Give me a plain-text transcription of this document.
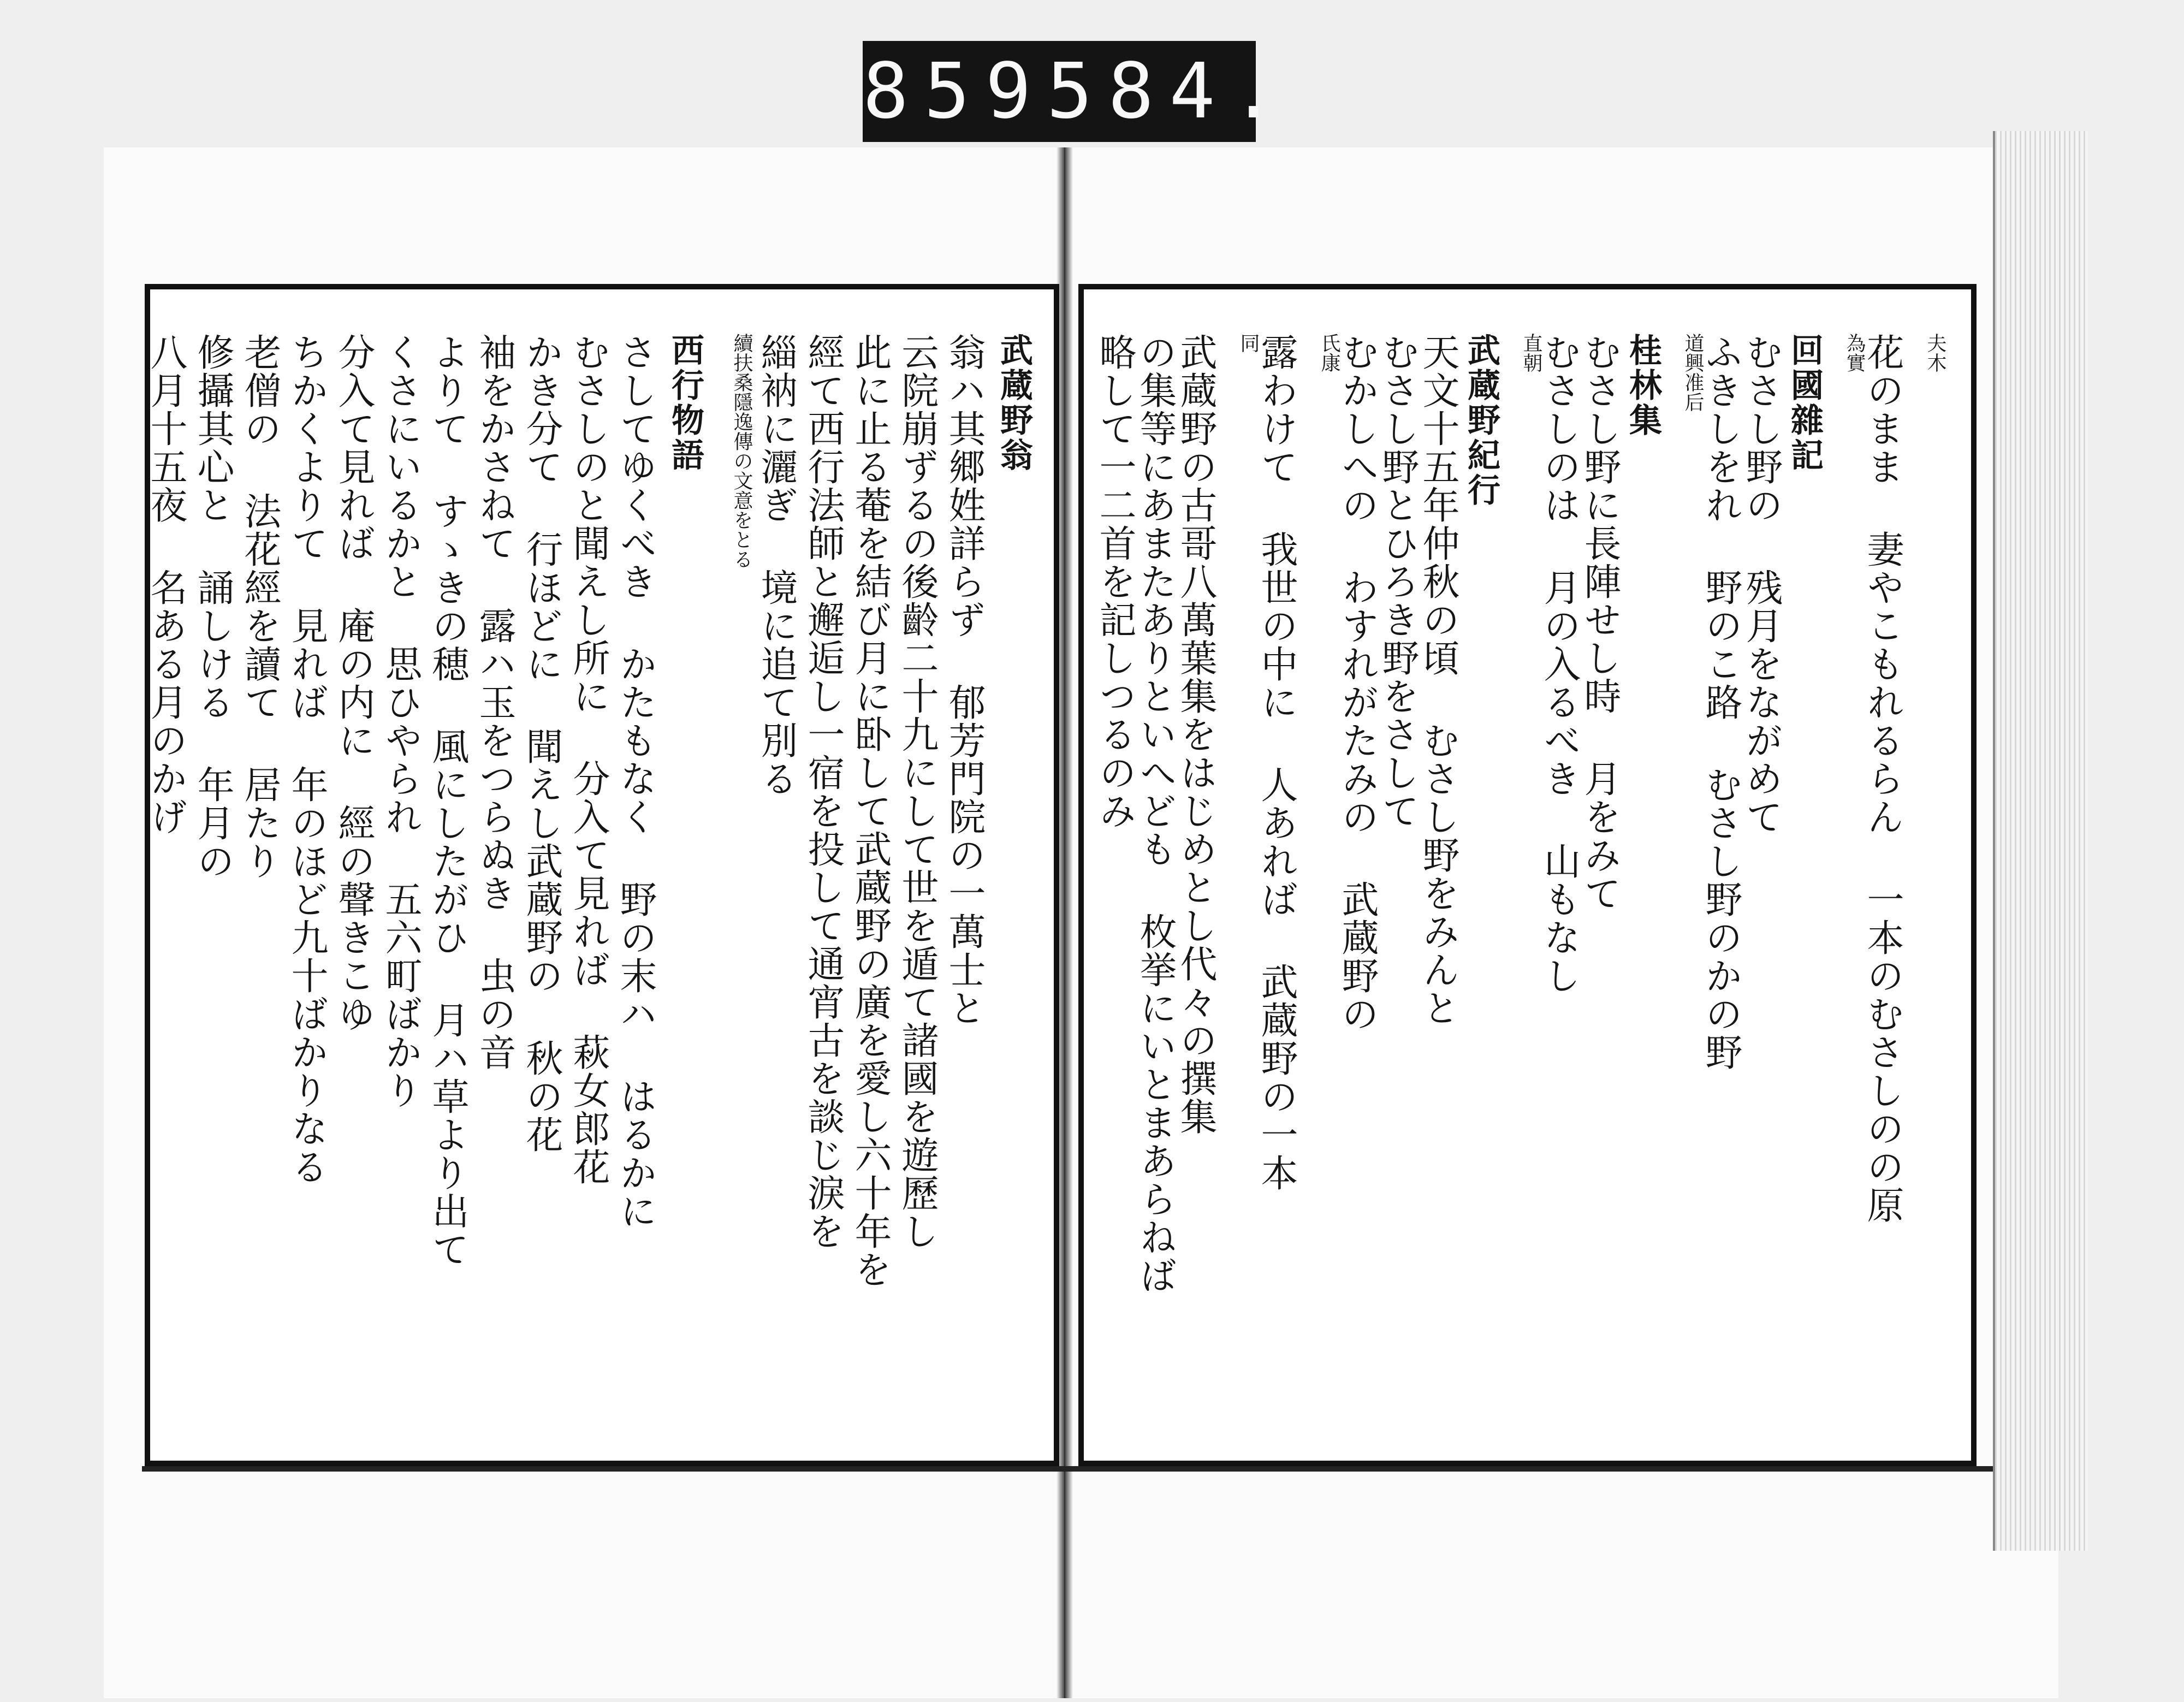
859 584.
武蔵野翁
翁ハ其郷姓詳らず 郁芳門院の一萬士と
云院崩ずるの後齡二十九にして世を遁て諸國を遊歷し
此に止る菴を結び月に卧して武蔵野の廣を愛し六十年を
經て西行法師と邂逅し一宿を投して通宵古を談じ淚を
緇衲に灑ぎ 境に追て別る
續扶桑隱逸傳の文意をとる
西行物語
さしてゆくべき かたもなく 野の末ハ はるかに
むさしのと聞えし所に 分入て見れば 萩女郎花
かき分て 行ほどに 聞えし武蔵野の 秋の花
袖をかさねて 露ハ玉をつらぬき 虫の音
よりて すゝきの穂 風にしたがひ 月ハ草より出て
くさにいるかと 思ひやられ 五六町ばかり
分入て見れば 庵の内に 經の聲きこゆ
ちかくよりて 見れば 年のほど九十ばかりなる
老僧の 法花經を讀て 居たり
修攝其心と 誦しける 年月の
八月十五夜 名ある月のかげ	夫木
花のまま 妻やこもれるらん 一本のむさしのの原
為實
回國雜記
むさし野の 残月をながめて
ふきしをれ 野のこ路 むさし野のかの野
道興准后
桂林集
むさし野に長陣せし時 月をみて
むさしのは 月の入るべき 山もなし
直朝
武蔵野紀行
天文十五年仲秋の頃 むさし野をみんと
むさし野とひろき野をさして
むかしへの わすれがたみの 武蔵野の
氏康
露わけて 我世の中に 人あれば 武蔵野の一本
同
武蔵野の古哥八萬葉集をはじめとし代々の撰集
の集等にあまたありといへども 枚挙にいとまあらねば
略して一二首を記しつるのみ
